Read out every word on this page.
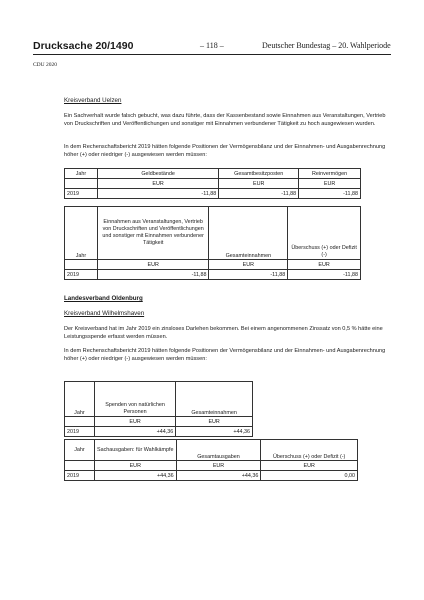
Drucksache 20/1490	– 118 –	Deutscher Bundestag – 20. Wahlperiode
CDU 2020
Kreisverband Uelzen
Ein Sachverhalt wurde falsch gebucht, was dazu führte, dass der Kassenbestand sowie Einnahmen aus Veranstaltungen, Vertrieb von Druckschriften und Veröffentlichungen und sonstiger mit Einnahmen verbundener Tätigkeit zu hoch ausgewiesen wurden.
In dem Rechenschaftsbericht 2019 hätten folgende Positionen der Vermögensbilanz und der Einnahmen- und Ausgabenrechnung höher (+) oder niedriger (-) ausgewiesen werden müssen:
Jahr	Geldbestände	Gesamtbesitzposten	Reinvermögen
	EUR	EUR	EUR
2019	-11,88	-11,88	-11,88
Jahr	Einnahmen aus Veranstaltungen, Vertrieb von Druckschriften und Veröffentlichungen und sonstiger mit Einnahmen verbundener Tätigkeit	Gesamteinnahmen	Überschuss (+) oder Defizit (-)
	EUR	EUR	EUR
2019	-11,88	-11,88	-11,88
Landesverband Oldenburg
Kreisverband Wilhelmshaven
Der Kreisverband hat im Jahr 2019 ein zinsloses Darlehen bekommen. Bei einem angenommenen Zinssatz von 0,5 % hätte eine Leistungsspende erfasst werden müssen.
In dem Rechenschaftsbericht 2019 hätten folgende Positionen der Vermögensbilanz und der Einnahmen- und Ausgabenrechnung höher (+) oder niedriger (-) ausgewiesen werden müssen:
Jahr	Spenden von natürlichen Personen	Gesamteinnahmen
	EUR	EUR
2019	+44,36	+44,36
Jahr	Sachausgaben: für Wahlkämpfe	Gesamtausgaben	Überschuss (+) oder Defizit (-)
	EUR	EUR	EUR
2019	+44,36	+44,36	0,00
